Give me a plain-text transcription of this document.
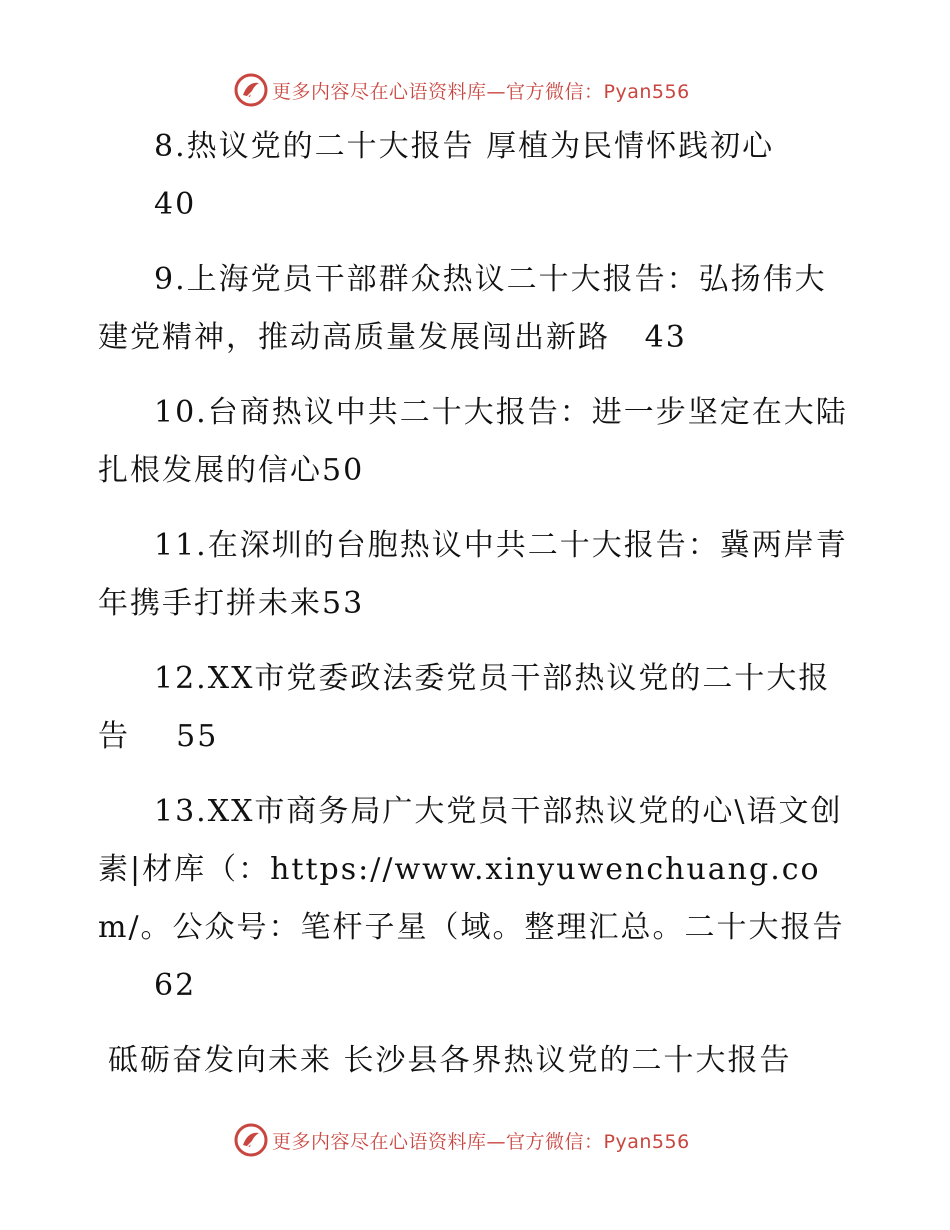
更多内容尽在心语资料库—官方微信：Pyan556

8.热议党的二十大报告 厚植为民情怀践初心
40

9.上海党员干部群众热议二十大报告：弘扬伟大建党精神，推动高质量发展闯出新路 43

10.台商热议中共二十大报告：进一步坚定在大陆扎根发展的信心50

11.在深圳的台胞热议中共二十大报告：冀两岸青年携手打拼未来53

12.XX市党委政法委党员干部热议党的二十大报告 55

13.XX市商务局广大党员干部热议党的心\语文创素|材库（：https://www.xinyuwenchuang.com/。公众号：笔杆子星（域。整理汇总。二十大报告
62

砥砺奋发向未来 长沙县各界热议党的二十大报告

更多内容尽在心语资料库—官方微信：Pyan556
